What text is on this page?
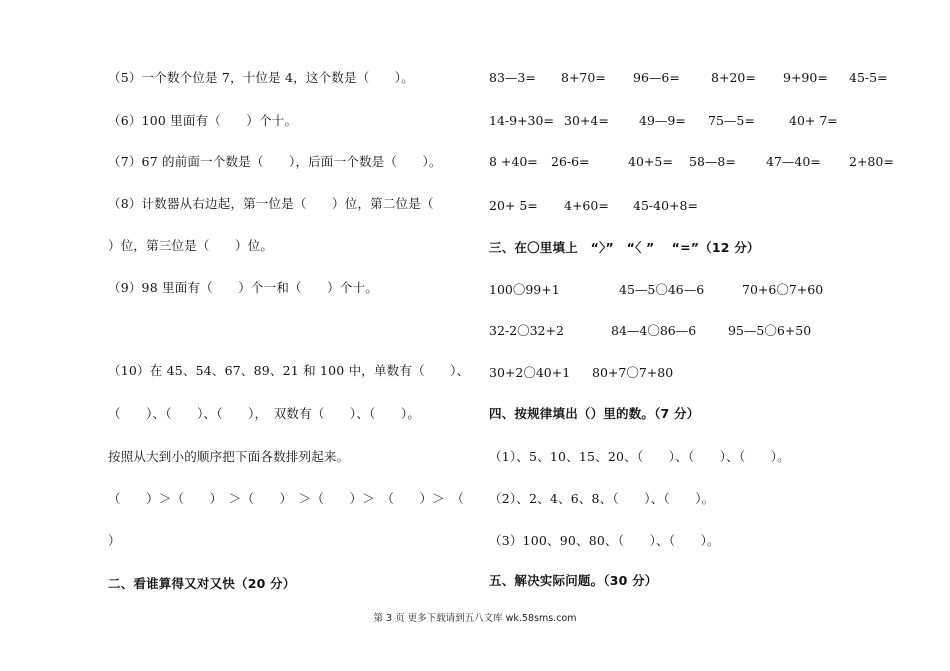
（5）一个数个位是 7，十位是 4，这个数是（　　）。
（6）100 里面有（　　）个十。
（7）67 的前面一个数是（　　），后面一个数是（　　）。
（8）计数器从右边起，第一位是（　　）位，第二位是（
）位，第三位是（　　）位。
（9）98 里面有（　　）个一和（　　）个十。
（10）在 45、54、67、89、21 和 100 中，单数有（　　）、
（　　）、（　　）、（　　），　双数有（　　）、（　　）。
按照从大到小的顺序把下面各数排列起来。
（　　）＞（　　）　＞（　　）　＞（　　）＞　（　　）＞　（
）
二、看谁算得又对又快（20 分）
83—3= 8+70= 96—6= 8+20= 9+90= 45-5=
14-9+30= 30+4= 49—9= 75—5=	40+ 7=
8 +40= 26-6=	40+5= 58—8= 47—40= 2+80=
20+ 5= 4+60= 45-40+8=
三、在〇里填上　“〉”　“〈 ”　 “=”（12 分）
100〇99+1	45—5〇46—6	70+6〇7+60
32-2〇32+2	84—4〇86—6	95—5〇6+50
30+2〇40+1 80+7〇7+80
四、按规律填出（）里的数。（7 分）
（1）、5、10、15、20、（　　）、（　　）、（　　）。
（2）、2、4、6、8、（　　）、（　　）。
（3）100、90、80、（　　）、（　　）。
五、解决实际问题。（30 分）
第 3 页 更多下载请到五八文库 wk.58sms.com
